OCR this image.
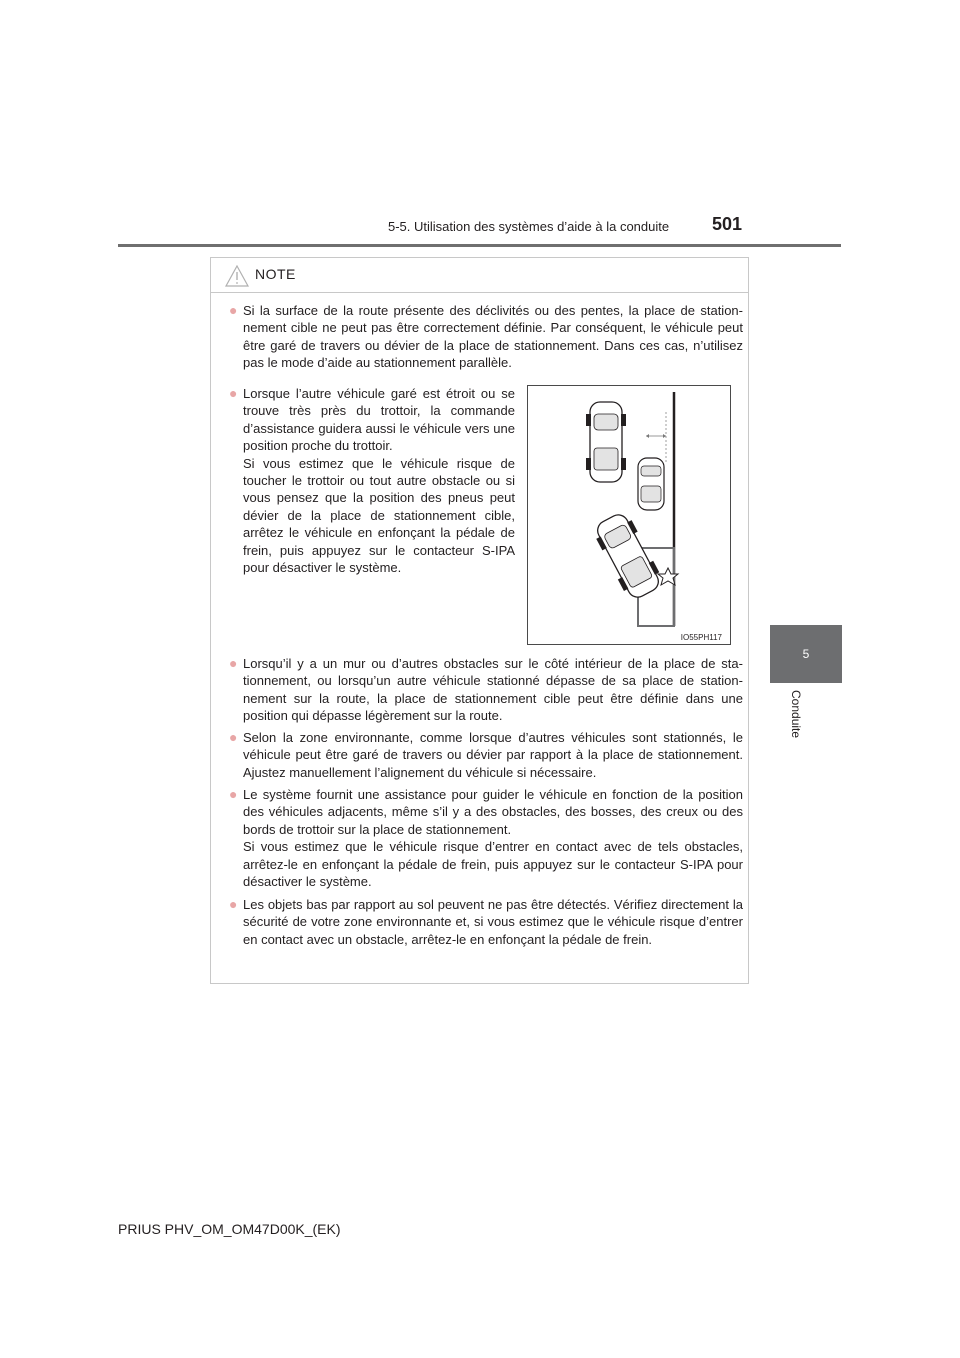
5-5. Utilisation des systèmes d’aide à la conduite	501
5
Conduite
NOTE
● Si la surface de la route présente des déclivités ou des pentes, la place de stationnement cible ne peut pas être correctement définie. Par conséquent, le véhicule peut être garé de travers ou dévier de la place de stationnement. Dans ces cas, n’utilisez pas le mode d’aide au stationnement parallèle.

● Lorsque l’autre véhicule garé est étroit ou se trouve très près du trottoir, la commande d’assistance guidera aussi le véhicule vers une position proche du trottoir.

Si vous estimez que le véhicule risque de toucher le trottoir ou tout autre obstacle ou si vous pensez que la position des pneus peut dévier de la place de stationnement cible, arrêtez le véhicule en enfonçant la pédale de frein, puis appuyez sur le contacteur S-IPA pour désactiver le système.

IO55PH117
● Lorsqu’il y a un mur ou d’autres obstacles sur le côté intérieur de la place de stationnement, ou lorsqu’un autre véhicule stationné dépasse de sa place de stationnement sur la route, la place de stationnement cible peut être définie dans une position qui dépasse légèrement sur la route.

● Selon la zone environnante, comme lorsque d’autres véhicules sont stationnés, le véhicule peut être garé de travers ou dévier par rapport à la place de stationnement. Ajustez manuellement l’alignement du véhicule si nécessaire.

● Le système fournit une assistance pour guider le véhicule en fonction de la position des véhicules adjacents, même s’il y a des obstacles, des bosses, des creux ou des bords de trottoir sur la place de stationnement.

Si vous estimez que le véhicule risque d’entrer en contact avec de tels obstacles, arrêtez-le en enfonçant la pédale de frein, puis appuyez sur le contacteur S-IPA pour désactiver le système.

● Les objets bas par rapport au sol peuvent ne pas être détectés. Vérifiez directement la sécurité de votre zone environnante et, si vous estimez que le véhicule risque d’entrer en contact avec un obstacle, arrêtez-le en enfonçant la pédale de frein.

PRIUS PHV_OM_OM47D00K_(EK)
